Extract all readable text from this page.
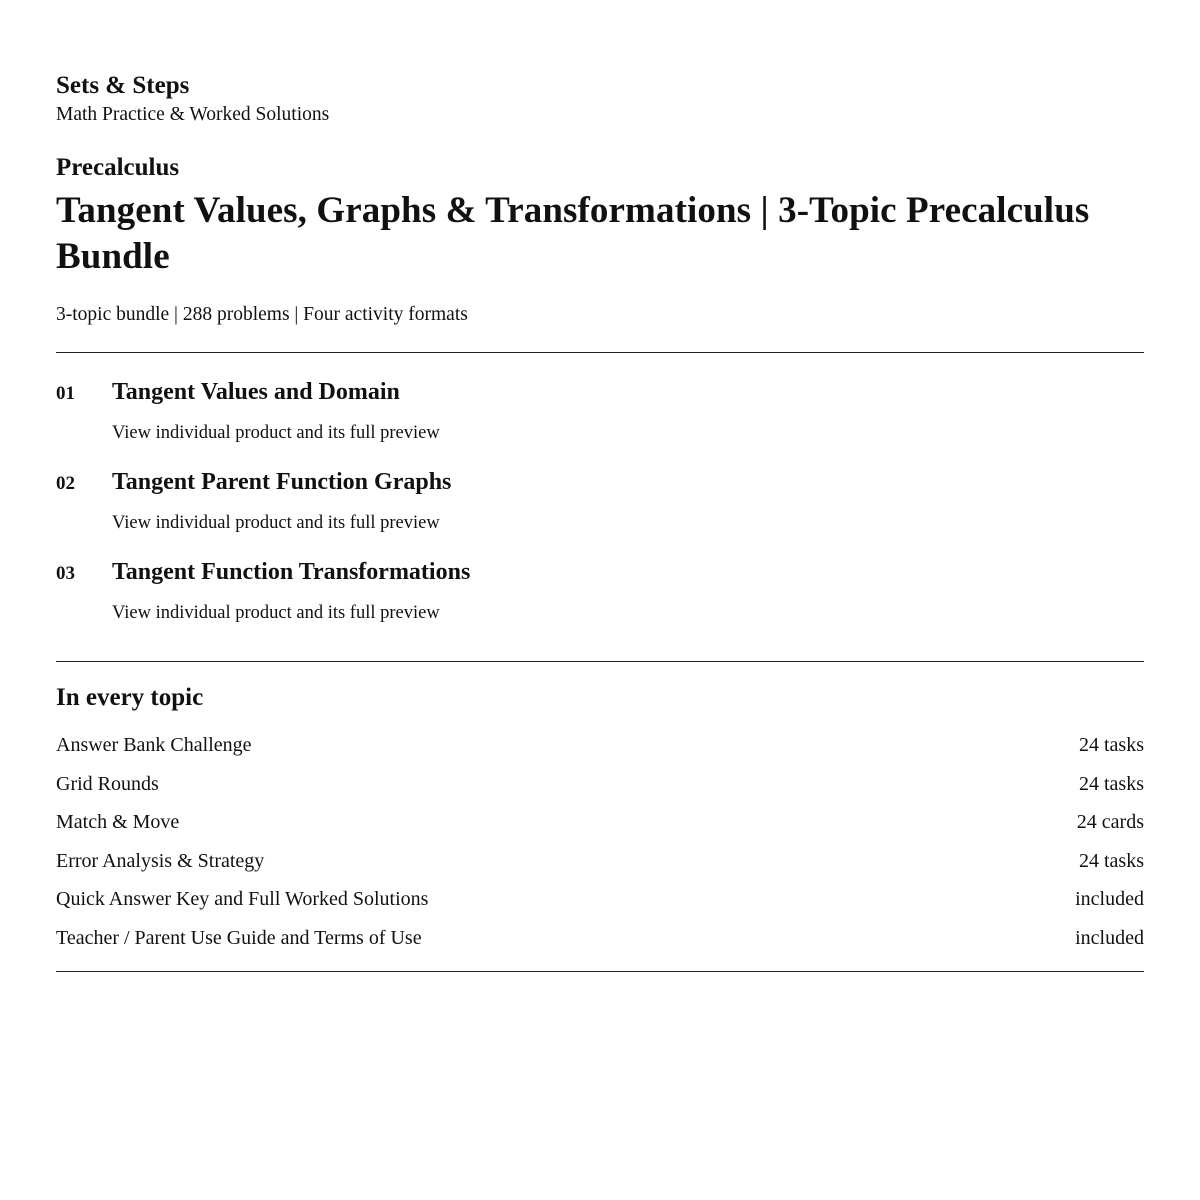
Sets & Steps

Math Practice & Worked Solutions

Precalculus

Tangent Values, Graphs & Transformations | 3-Topic Precalculus Bundle

3-topic bundle | 288 problems | Four activity formats

01	Tangent Values and Domain
View individual product and its full preview
02	Tangent Parent Function Graphs
View individual product and its full preview
03	Tangent Function Transformations
View individual product and its full preview
In every topic
Answer Bank Challenge	24 tasks
Grid Rounds	24 tasks
Match & Move	24 cards
Error Analysis & Strategy	24 tasks
Quick Answer Key and Full Worked Solutions	included
Teacher / Parent Use Guide and Terms of Use	included
